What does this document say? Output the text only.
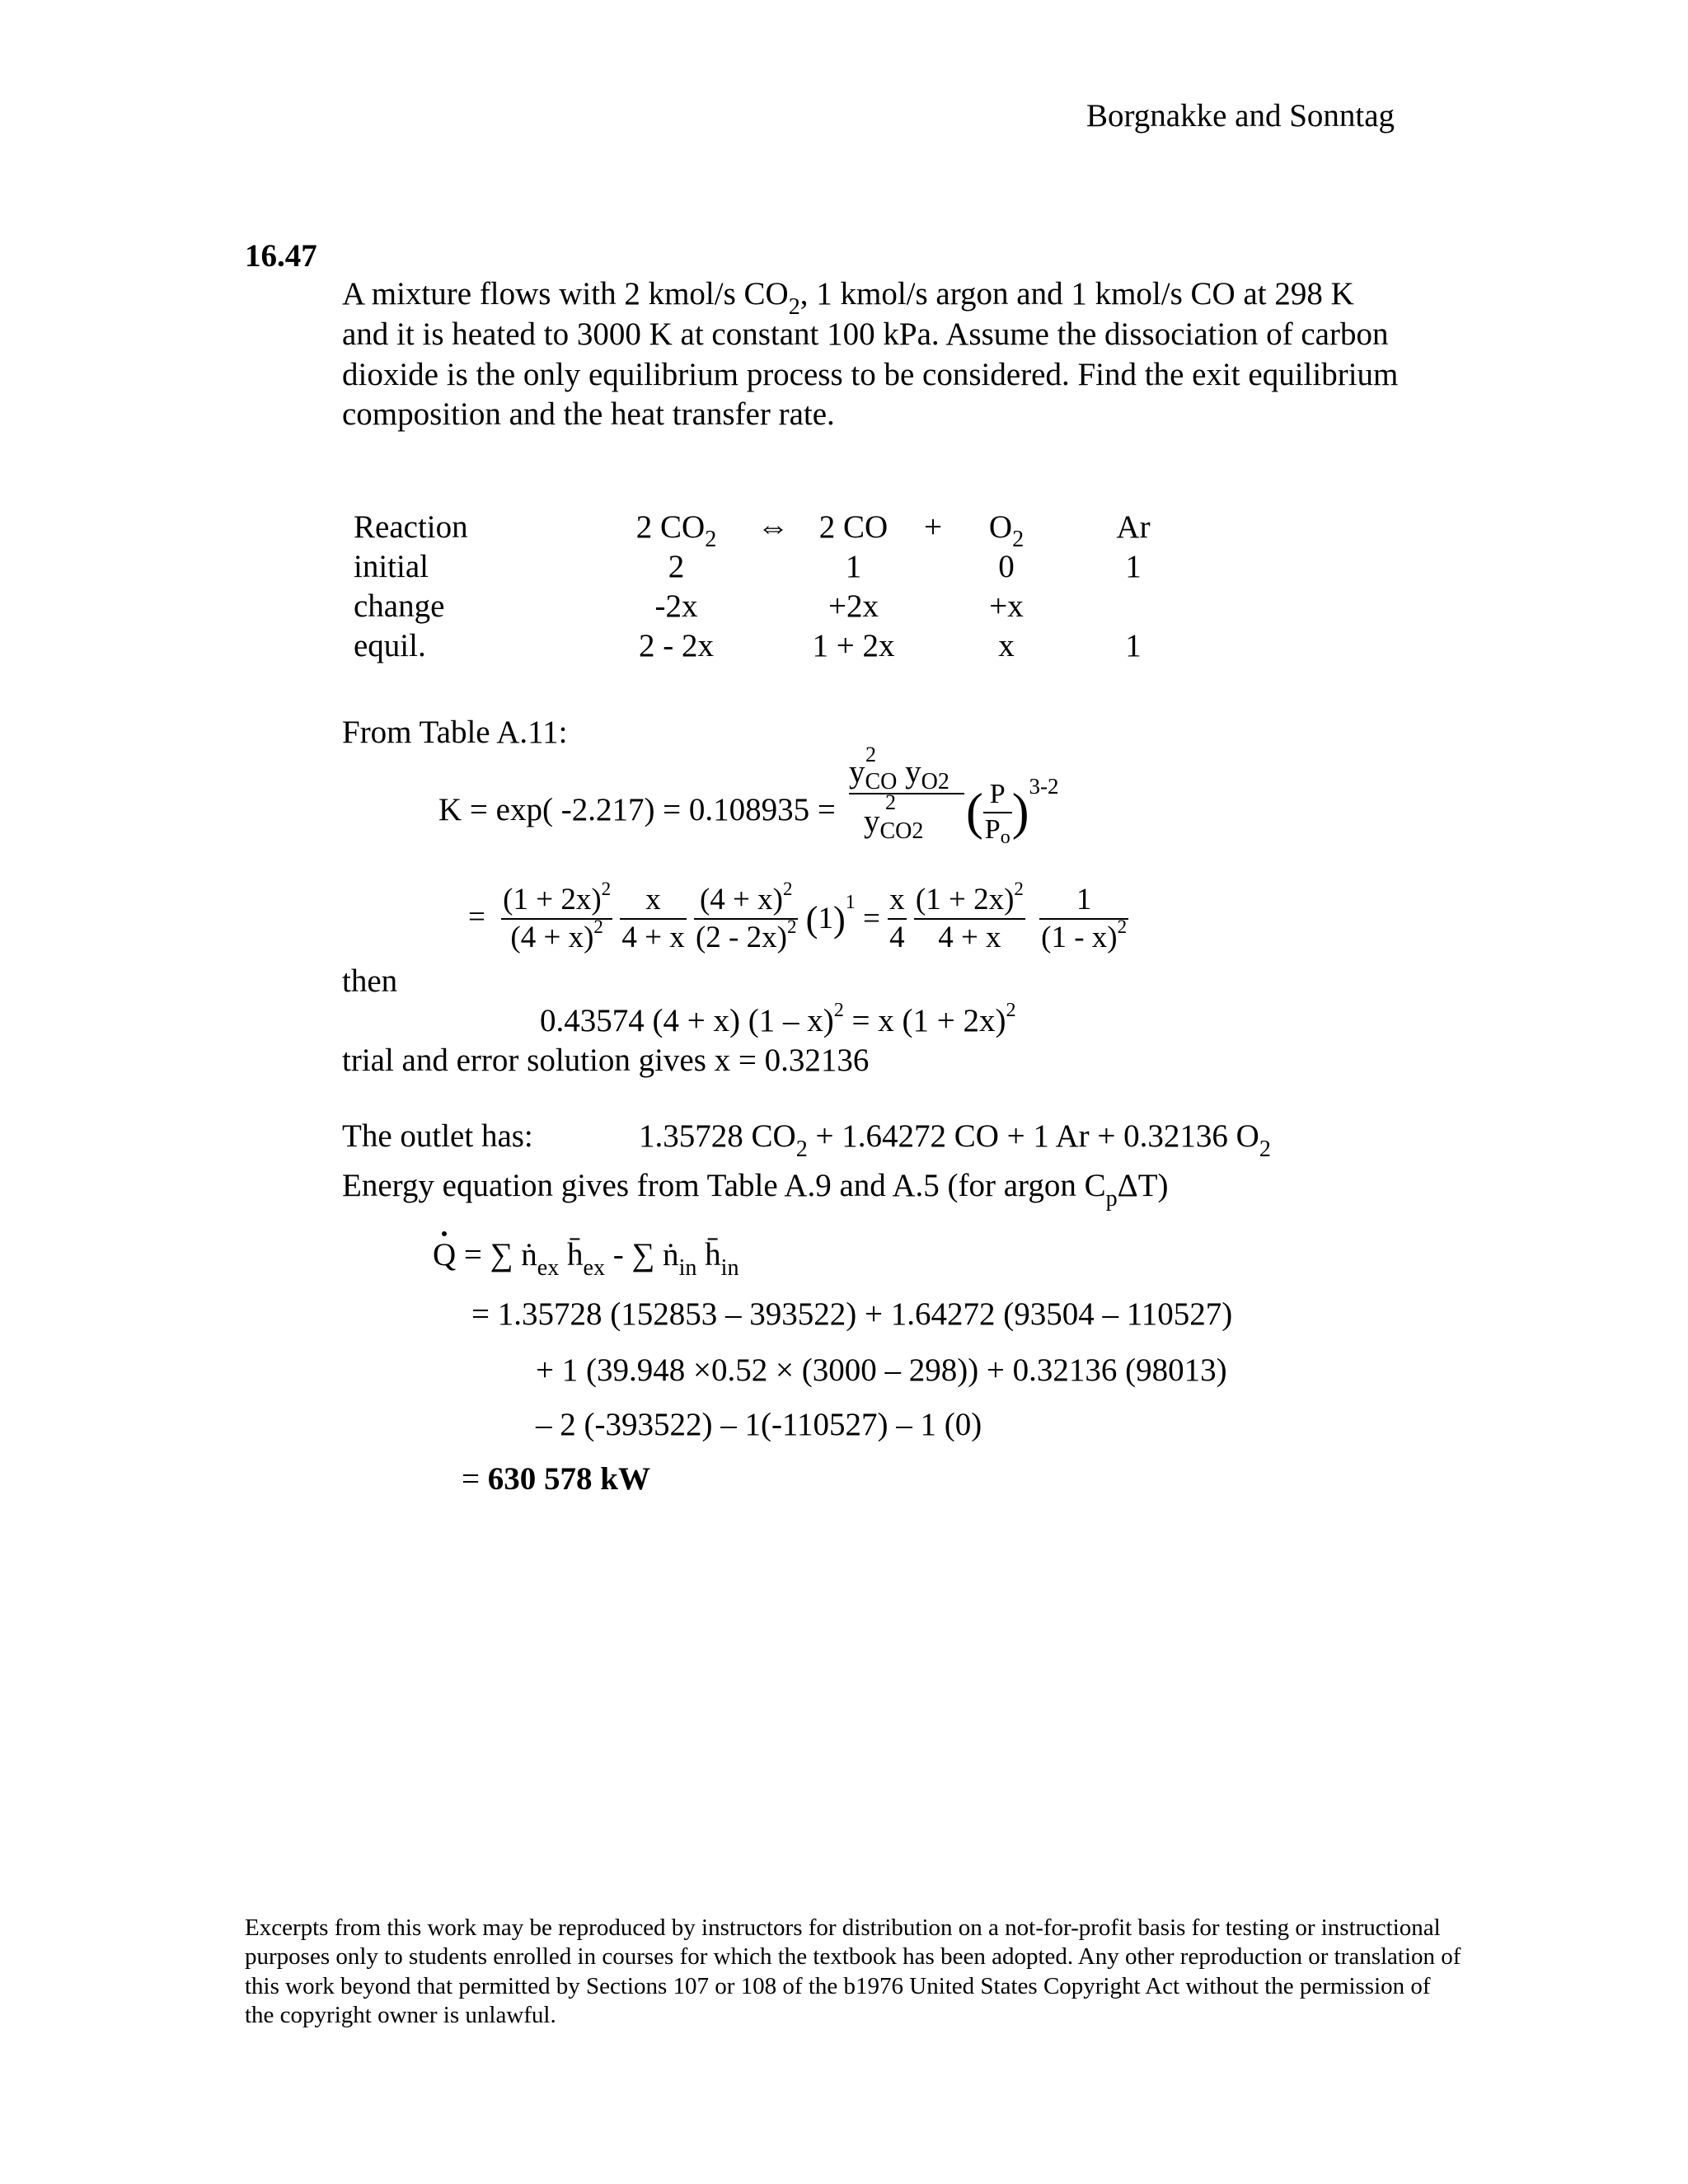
Borgnakke and Sonntag
16.47
A mixture flows with 2 kmol/s $CO_2$, 1 kmol/s argon and 1 kmol/s CO at 298 K
and it is heated to 3000 K at constant 100 kPa. Assume the dissociation of carbon
dioxide is the only equilibrium process to be considered. Find the exit equilibrium
composition and the heat transfer rate.
Reaction	2 $CO_2$	⇔	2 CO	+	$O_2$	Ar
initial	2		1		0	1
change	-2x		+2x		+x	
equil.	2 - 2x		1 + 2x		x	1
From Table A.11:
K = exp( -2.217) = 0.108935 =
2
$y_{CO}$ $y_{O2}$
2
$y_{CO2}$ ( $\frac{P}{Po} )^{3-2}$
= $\frac{(1 + 2x)^2}{(4 + x)^2}$
$\frac{x}{4 + x}$
$\frac{(4 + x)^2}{(2 - 2x)^2} (1)^1 = \frac{x}{4}$
$\frac{(1 + 2x)^2}{4 + x}$
$\frac{1}{(1 - x)^2}$
then
0.43574 (4 + x) (1 – x)$^2$ = x $(1 + 2x)^2$
trial and error solution gives x = 0.32136
The outlet has:	1.35728 $CO_2 + 1.64272$ CO + 1 Ar + 0.32136 $O_2$
Energy equation gives from Table A.9 and A.5 (for argon $C_p\Delta T$)
Q = ∑ ṅ$_{ex}$ $h̄_{ex}$ - ∑ ṅ$_{in}$ $h̄_{in}$
= 1.35728 (152853 – 393522) + 1.64272 (93504 – 110527)
+ 1 (39.948 ×0.52 × (3000 – 298)) + 0.32136 (98013)
– 2 (-393522) – 1(-110527) – 1 (0)
= 630 578 kW
Excerpts from this work may be reproduced by instructors for distribution on a not-for-profit basis for testing or instructional purposes only to students enrolled in courses for which the textbook has been adopted. Any other reproduction or translation of this work beyond that permitted by Sections 107 or 108 of the b1976 United States Copyright Act without the permission of the copyright owner is unlawful.
